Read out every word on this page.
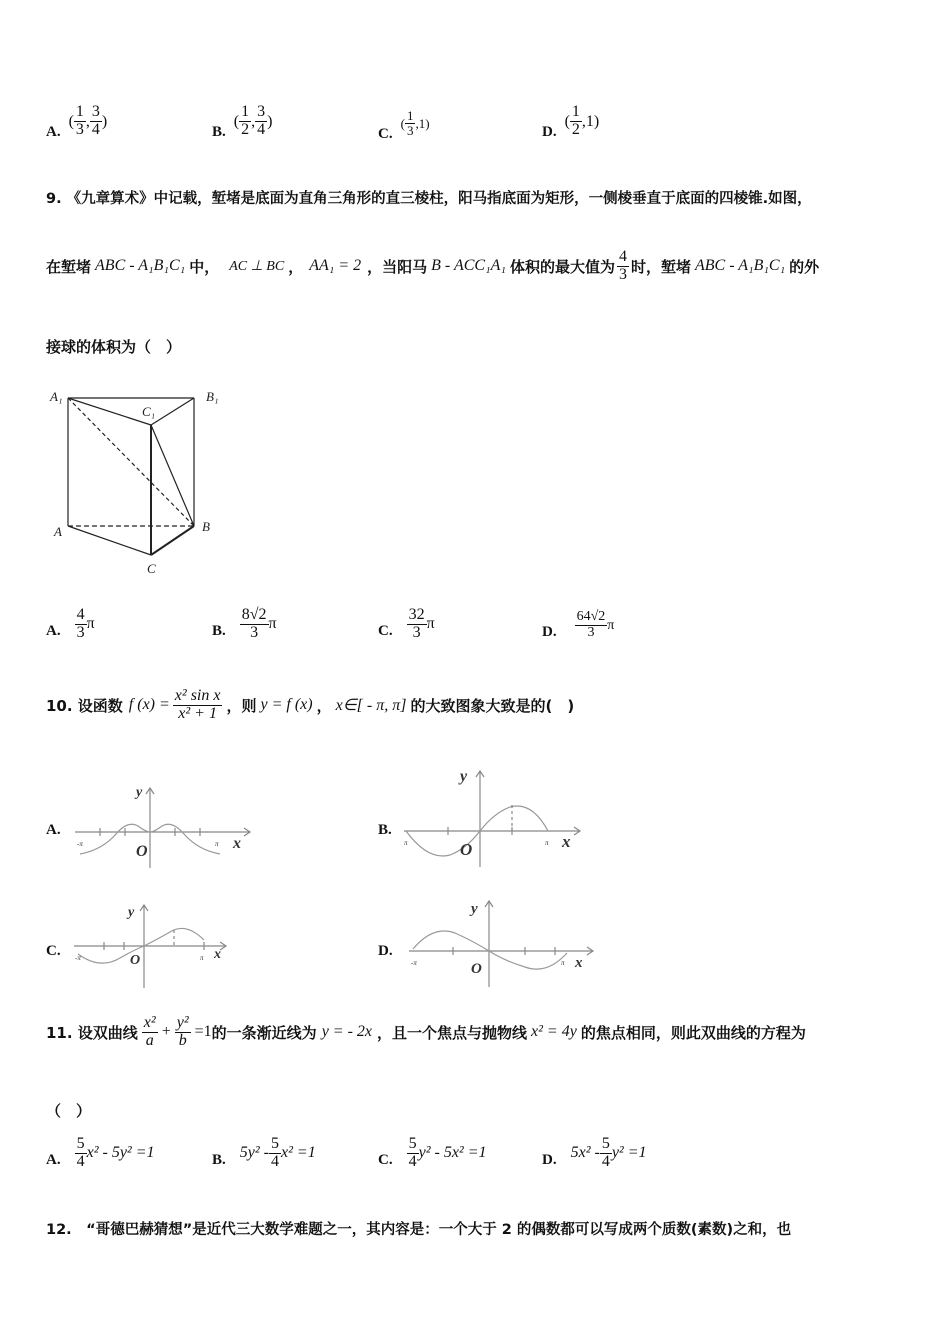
A.
( $\frac{1}{3}$ , $\frac{3}{4}$ )
B.
( $\frac{1}{2}$ , $\frac{3}{4}$ )
C.
( $\frac{1}{3} ,1$)
D.
( $\frac{1}{2} ,1$)
9. 《九章算术》中记载，堑堵是底面为直角三角形的直三棱柱，阳马指底面为矩形，一侧棱垂直于底面的四棱锥.如图，
在堑堵 ABC - A₁B₁C₁ 中， AC ⊥ BC ， AA₁ = 2 ，当阳马 B - ACC₁A₁ 体积的最大值为 $\frac{4}{3}$ 时，堑堵 ABC - A₁B₁C₁ 的外
接球的体积为（　）
A₁	B₁
C₁
A	B
C
A. $\frac{4}{3}$ π	B. $\frac{8√2}{3}$ π	C. $\frac{32}{3}$ π	D. $\frac{64√2}{3}$ π
10. 设函数 f $(x) = \frac{\text{x² sin x}}{\text{x² + 1}}$ ，则 y = f (x) ， x∈[ - π, π] 的大致图象大致是的(　)
A.	B.
C.	D.
y
O	x
-π	π
y
O	x
π	π
y
O	x
-π	π
y
O	x
-π	π
11. 设双曲线 $\frac{\text{x²}}{a} + \frac{\text{y²}}{b} =1$ 的一条渐近线为 y = - 2x ，且一个焦点与抛物线 x² = 4y 的焦点相同，则此双曲线的方程为
（　）
A. $\frac{5}{4} x^2 - 5y^2 =1$	B. $5y^2 - \frac{5}{4} x^2 =1$	C. $\frac{5}{4} y^2 - 5x^2 =1$	D. $5x^2 - \frac{5}{4} y^2 =1$
12.　“哥德巴赫猜想”是近代三大数学难题之一，其内容是：一个大于 2 的偶数都可以写成两个质数(素数)之和，也
